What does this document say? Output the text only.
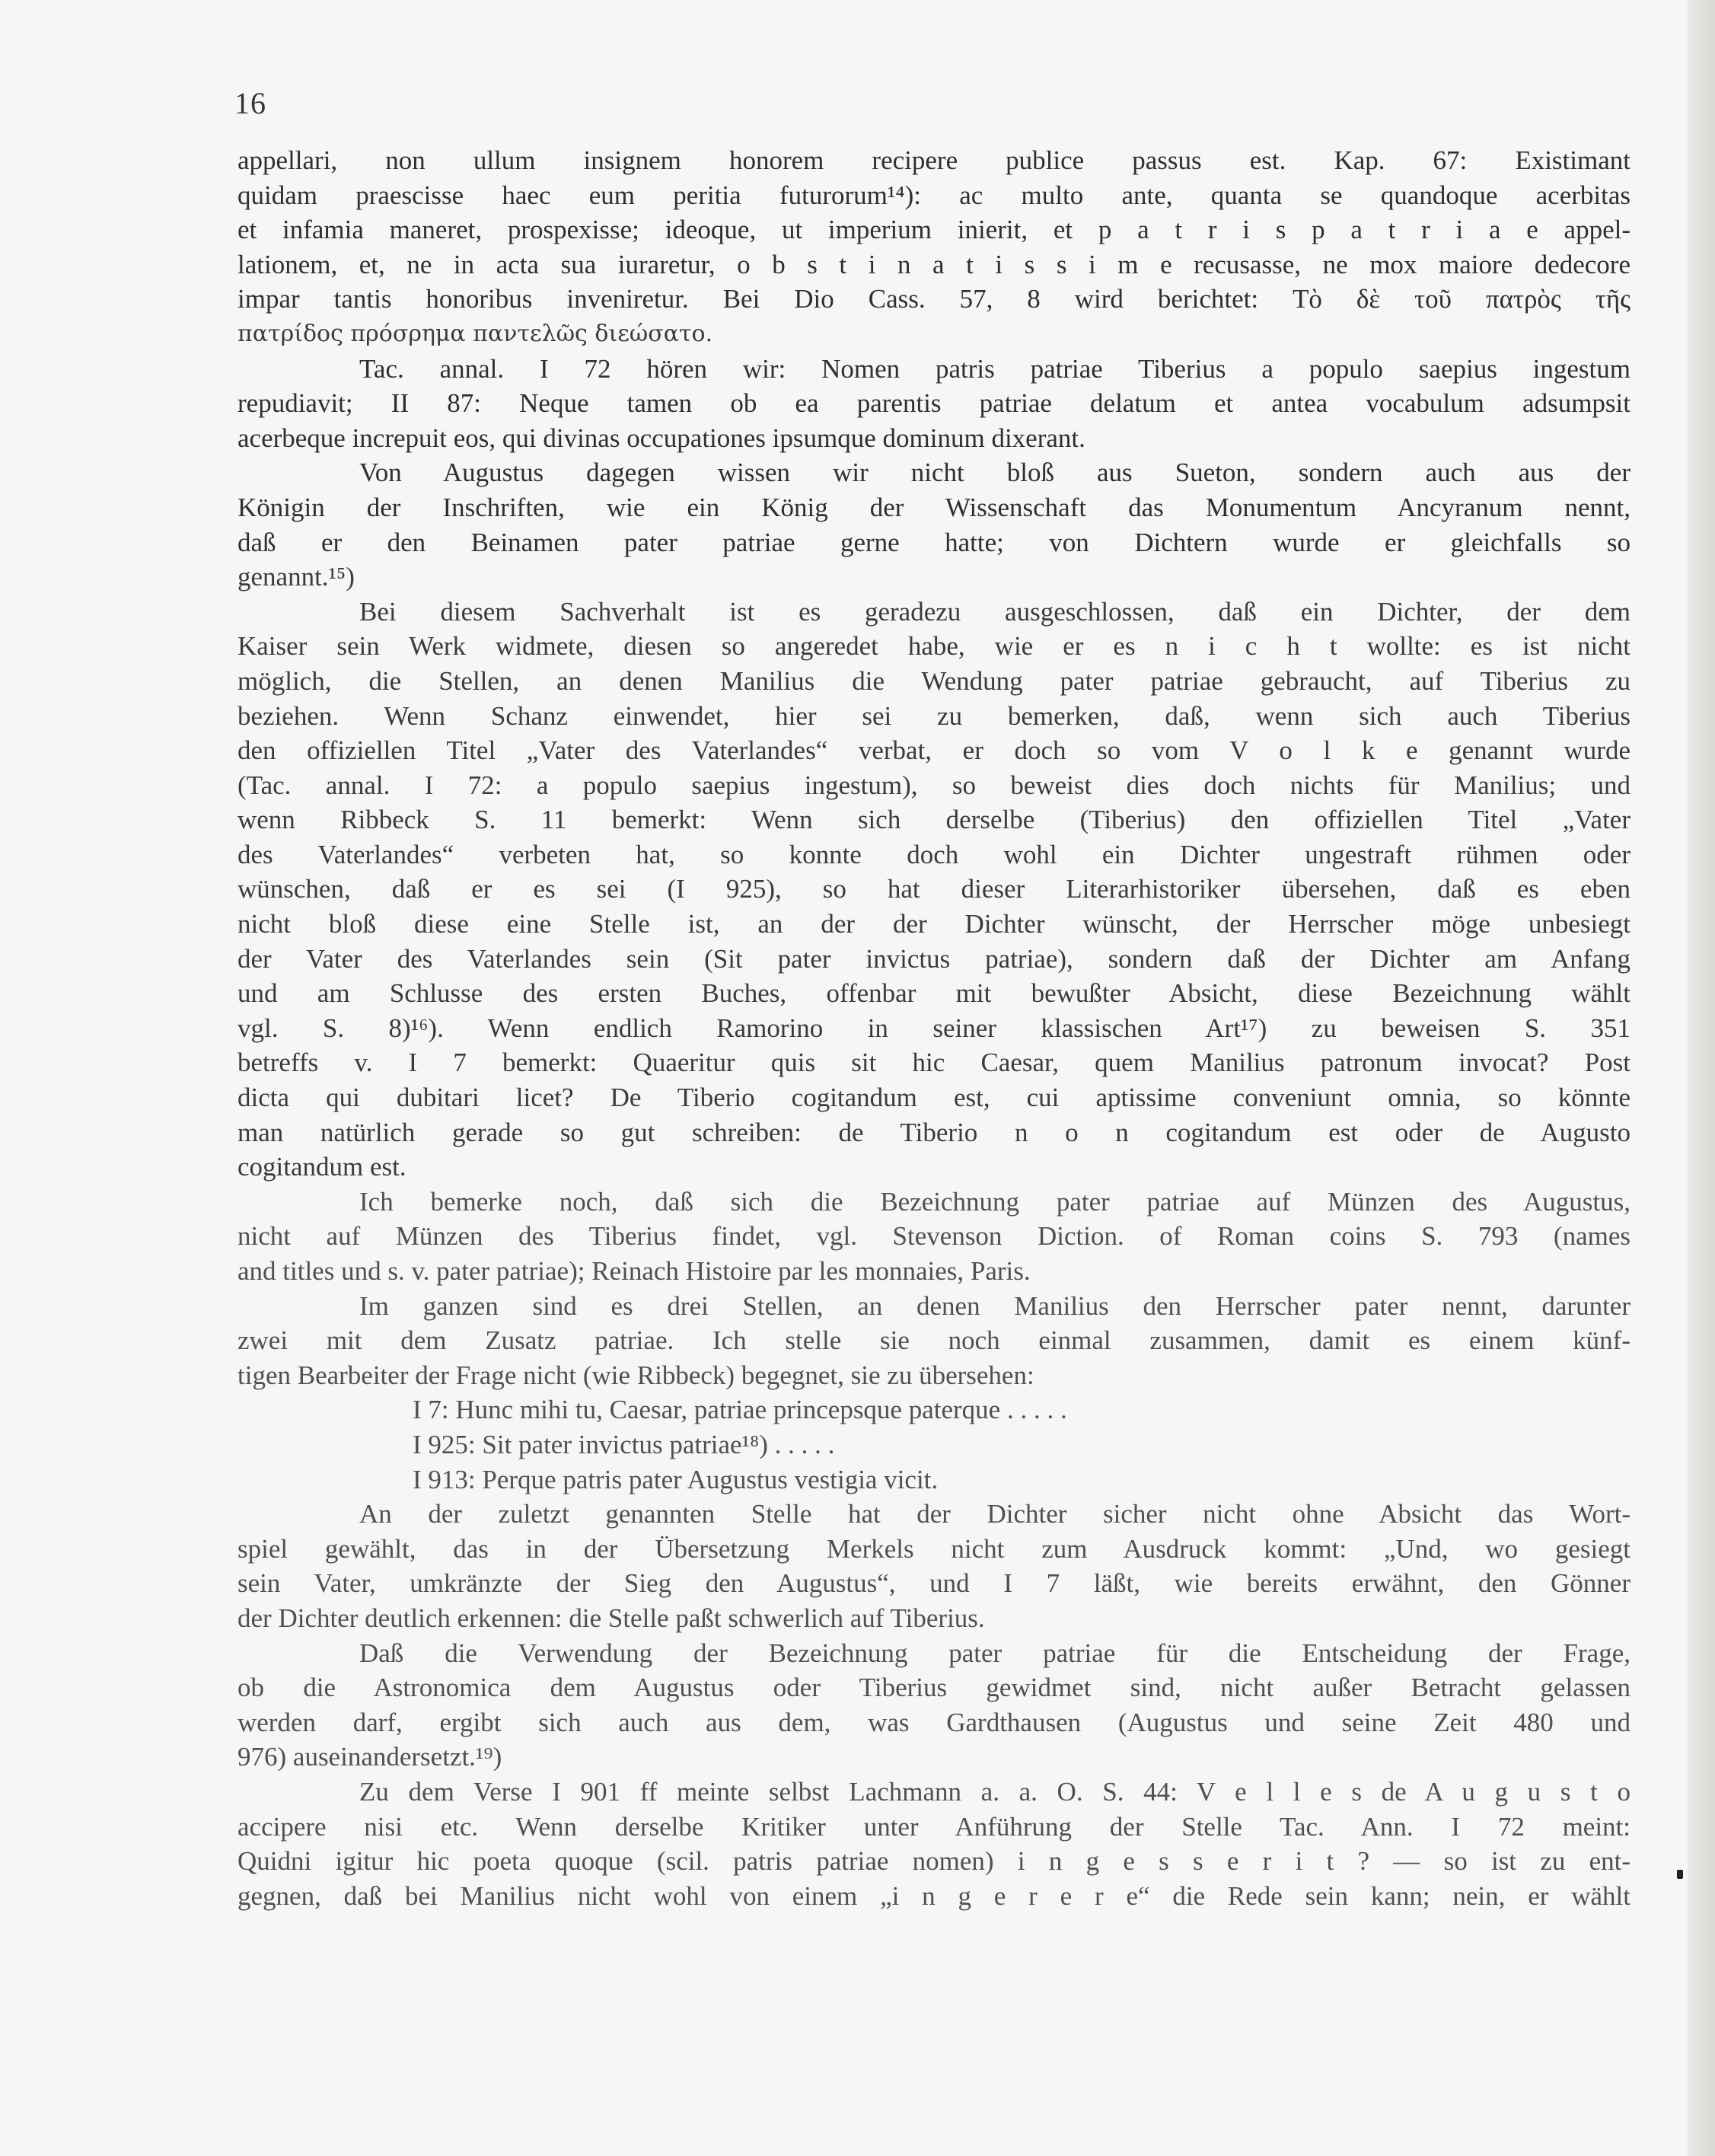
16
appellari, non ullum insignem honorem recipere publice passus est. Kap. 67: Existimant
quidam praescisse haec eum peritia futurorum¹⁴): ac multo ante, quanta se quandoque acerbitas
et infamia maneret, prospexisse; ideoque, ut imperium inierit, et p a t r i s p a t r i a e appel-
lationem, et, ne in acta sua iuraretur, o b s t i n a t i s s i m e recusasse, ne mox maiore dedecore
impar tantis honoribus inveniretur. Bei Dio Cass. 57, 8 wird berichtet: Τὸ δὲ τοῦ πατρὸς τῆς
πατρίδος πρόσρημα παντελῶς διεώσατο.
Tac. annal. I 72 hören wir: Nomen patris patriae Tiberius a populo saepius ingestum
repudiavit; II 87: Neque tamen ob ea parentis patriae delatum et antea vocabulum adsumpsit
acerbeque increpuit eos, qui divinas occupationes ipsumque dominum dixerant.
Von Augustus dagegen wissen wir nicht bloß aus Sueton, sondern auch aus der
Königin der Inschriften, wie ein König der Wissenschaft das Monumentum Ancyranum nennt,
daß er den Beinamen pater patriae gerne hatte; von Dichtern wurde er gleichfalls so
genannt.¹⁵)
Bei diesem Sachverhalt ist es geradezu ausgeschlossen, daß ein Dichter, der dem
Kaiser sein Werk widmete, diesen so angeredet habe, wie er es n i c h t wollte: es ist nicht
möglich, die Stellen, an denen Manilius die Wendung pater patriae gebraucht, auf Tiberius zu
beziehen. Wenn Schanz einwendet, hier sei zu bemerken, daß, wenn sich auch Tiberius
den offiziellen Titel „Vater des Vaterlandes“ verbat, er doch so vom V o l k e genannt wurde
(Tac. annal. I 72: a populo saepius ingestum), so beweist dies doch nichts für Manilius; und
wenn Ribbeck S. 11 bemerkt: Wenn sich derselbe (Tiberius) den offiziellen Titel „Vater
des Vaterlandes“ verbeten hat, so konnte doch wohl ein Dichter ungestraft rühmen oder
wünschen, daß er es sei (I 925), so hat dieser Literarhistoriker übersehen, daß es eben
nicht bloß diese eine Stelle ist, an der der Dichter wünscht, der Herrscher möge unbesiegt
der Vater des Vaterlandes sein (Sit pater invictus patriae), sondern daß der Dichter am Anfang
und am Schlusse des ersten Buches, offenbar mit bewußter Absicht, diese Bezeichnung wählt
vgl. S. 8)¹⁶). Wenn endlich Ramorino in seiner klassischen Art¹⁷) zu beweisen S. 351
betreffs v. I 7 bemerkt: Quaeritur quis sit hic Caesar, quem Manilius patronum invocat? Post
dicta qui dubitari licet? De Tiberio cogitandum est, cui aptissime conveniunt omnia, so könnte
man natürlich gerade so gut schreiben: de Tiberio n o n cogitandum est oder de Augusto
cogitandum est.
Ich bemerke noch, daß sich die Bezeichnung pater patriae auf Münzen des Augustus,
nicht auf Münzen des Tiberius findet, vgl. Stevenson Diction. of Roman coins S. 793 (names
and titles und s. v. pater patriae); Reinach Histoire par les monnaies, Paris.
Im ganzen sind es drei Stellen, an denen Manilius den Herrscher pater nennt, darunter
zwei mit dem Zusatz patriae. Ich stelle sie noch einmal zusammen, damit es einem künf-
tigen Bearbeiter der Frage nicht (wie Ribbeck) begegnet, sie zu übersehen:
I 7: Hunc mihi tu, Caesar, patriae princepsque paterque . . . . .
I 925: Sit pater invictus patriae¹⁸) . . . . .
I 913: Perque patris pater Augustus vestigia vicit.
An der zuletzt genannten Stelle hat der Dichter sicher nicht ohne Absicht das Wort-
spiel gewählt, das in der Übersetzung Merkels nicht zum Ausdruck kommt: „Und, wo gesiegt
sein Vater, umkränzte der Sieg den Augustus“, und I 7 läßt, wie bereits erwähnt, den Gönner
der Dichter deutlich erkennen: die Stelle paßt schwerlich auf Tiberius.
Daß die Verwendung der Bezeichnung pater patriae für die Entscheidung der Frage,
ob die Astronomica dem Augustus oder Tiberius gewidmet sind, nicht außer Betracht gelassen
werden darf, ergibt sich auch aus dem, was Gardthausen (Augustus und seine Zeit 480 und
976) auseinandersetzt.¹⁹)
Zu dem Verse I 901 ff meinte selbst Lachmann a. a. O. S. 44: V e l l e s de A u g u s t o
accipere nisi etc. Wenn derselbe Kritiker unter Anführung der Stelle Tac. Ann. I 72 meint:
Quidni igitur hic poeta quoque (scil. patris patriae nomen) i n g e s s e r i t ? — so ist zu ent-
gegnen, daß bei Manilius nicht wohl von einem „i n g e r e r e“ die Rede sein kann; nein, er wählt
